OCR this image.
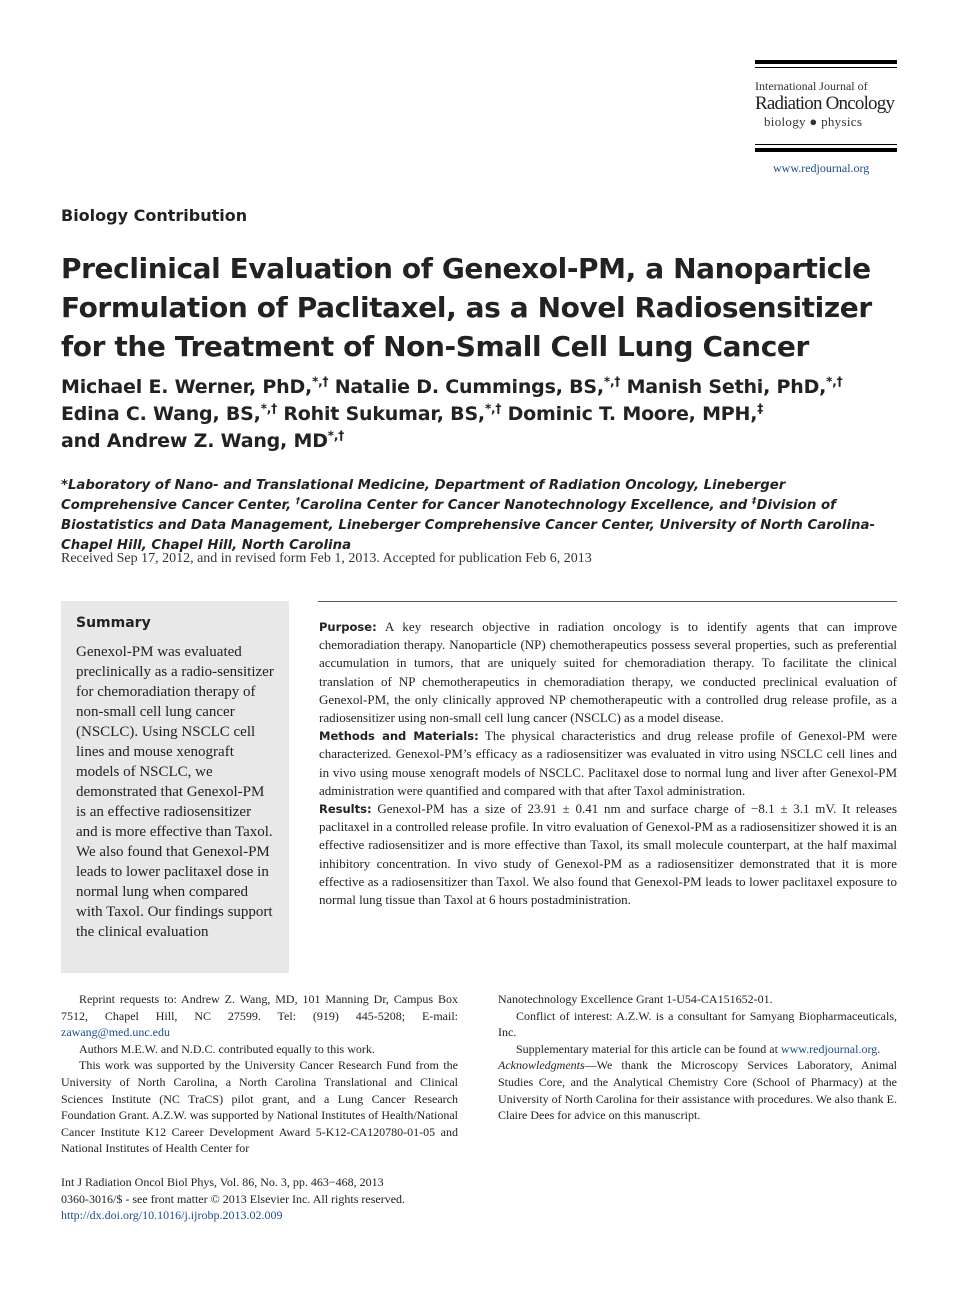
International Journal of
Radiation Oncology
biology ● physics
www.redjournal.org
Biology Contribution
Preclinical Evaluation of Genexol-PM, a Nanoparticle Formulation of Paclitaxel, as a Novel Radiosensitizer for the Treatment of Non-Small Cell Lung Cancer
Michael E. Werner, PhD,*,† Natalie D. Cummings, BS,*,† Manish Sethi, PhD,*,†
Edina C. Wang, BS,*,† Rohit Sukumar, BS,*,† Dominic T. Moore, MPH,‡
and Andrew Z. Wang, MD*,†
*Laboratory of Nano- and Translational Medicine, Department of Radiation Oncology, Lineberger Comprehensive Cancer Center, †Carolina Center for Cancer Nanotechnology Excellence, and ‡Division of Biostatistics and Data Management, Lineberger Comprehensive Cancer Center, University of North Carolina-Chapel Hill, Chapel Hill, North Carolina
Received Sep 17, 2012, and in revised form Feb 1, 2013. Accepted for publication Feb 6, 2013
Summary
Genexol-PM was evaluated preclinically as a radio-sensitizer for chemoradiation therapy of non-small cell lung cancer (NSCLC). Using NSCLC cell lines and mouse xenograft models of NSCLC, we demonstrated that Genexol-PM is an effective radiosensitizer and is more effective than Taxol. We also found that Genexol-PM leads to lower paclitaxel dose in normal lung when compared with Taxol. Our findings support the clinical evaluation

Purpose: A key research objective in radiation oncology is to identify agents that can improve chemoradiation therapy. Nanoparticle (NP) chemotherapeutics possess several properties, such as preferential accumulation in tumors, that are uniquely suited for chemoradiation therapy. To facilitate the clinical translation of NP chemotherapeutics in chemoradiation therapy, we conducted preclinical evaluation of Genexol-PM, the only clinically approved NP chemotherapeutic with a controlled drug release profile, as a radiosensitizer using non-small cell lung cancer (NSCLC) as a model disease.

Methods and Materials: The physical characteristics and drug release profile of Genexol-PM were characterized. Genexol-PM’s efficacy as a radiosensitizer was evaluated in vitro using NSCLC cell lines and in vivo using mouse xenograft models of NSCLC. Paclitaxel dose to normal lung and liver after Genexol-PM administration were quantified and compared with that after Taxol administration.

Results: Genexol-PM has a size of 23.91 ± 0.41 nm and surface charge of −8.1 ± 3.1 mV. It releases paclitaxel in a controlled release profile. In vitro evaluation of Genexol-PM as a radiosensitizer showed it is an effective radiosensitizer and is more effective than Taxol, its small molecule counterpart, at the half maximal inhibitory concentration. In vivo study of Genexol-PM as a radiosensitizer demonstrated that it is more effective as a radiosensitizer than Taxol. We also found that Genexol-PM leads to lower paclitaxel exposure to normal lung tissue than Taxol at 6 hours postadministration.

Reprint requests to: Andrew Z. Wang, MD, 101 Manning Dr, Campus Box 7512, Chapel Hill, NC 27599. Tel: (919) 445-5208; E-mail: zawang@med.unc.edu

Authors M.E.W. and N.D.C. contributed equally to this work.

This work was supported by the University Cancer Research Fund from the University of North Carolina, a North Carolina Translational and Clinical Sciences Institute (NC TraCS) pilot grant, and a Lung Cancer Research Foundation Grant. A.Z.W. was supported by National Institutes of Health/National Cancer Institute K12 Career Development Award 5-K12-CA120780-01-05 and National Institutes of Health Center for

Nanotechnology Excellence Grant 1-U54-CA151652-01.

Conflict of interest: A.Z.W. is a consultant for Samyang Biopharmaceuticals, Inc.

Supplementary material for this article can be found at www.redjournal.org.

Acknowledgments—We thank the Microscopy Services Laboratory, Animal Studies Core, and the Analytical Chemistry Core (School of Pharmacy) at the University of North Carolina for their assistance with procedures. We also thank E. Claire Dees for advice on this manuscript.

Int J Radiation Oncol Biol Phys, Vol. 86, No. 3, pp. 463−468, 2013
0360-3016/$ - see front matter © 2013 Elsevier Inc. All rights reserved.
http://dx.doi.org/10.1016/j.ijrobp.2013.02.009
